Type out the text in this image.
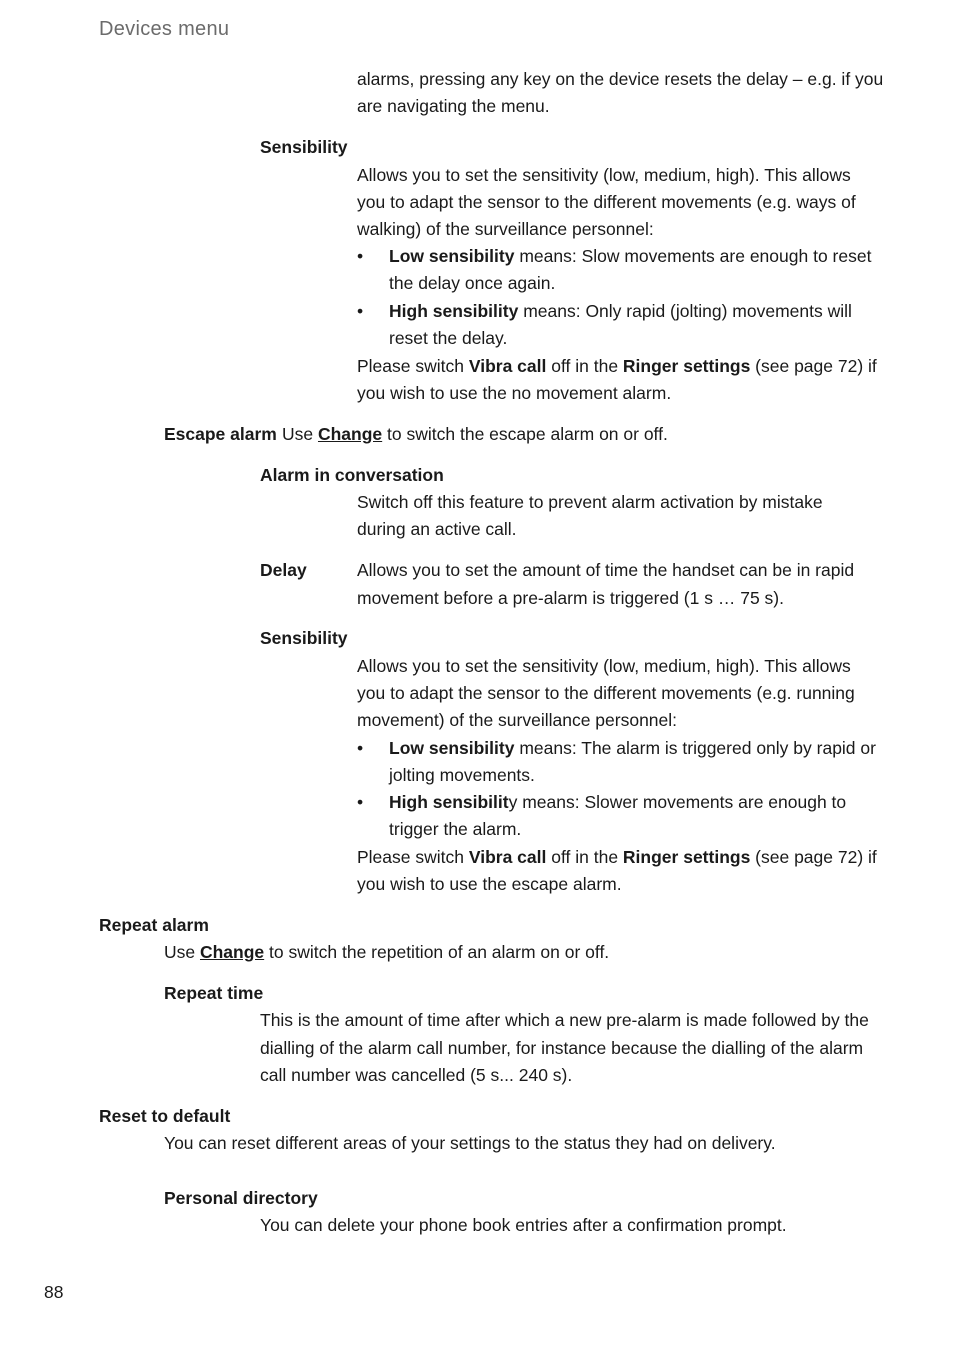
Devices menu
alarms, pressing any key on the device resets the delay – e.g. if you
are navigating the menu.
Sensibility
Allows you to set the sensitivity (low, medium, high). This allows
you to adapt the sensor to the different movements (e.g. ways of
walking) of the surveillance personnel:
• Low sensibility means: Slow movements are enough to reset
the delay once again.
• High sensibility means: Only rapid (jolting) movements will
reset the delay.
Please switch Vibra call off in the Ringer settings (see page 72) if
you wish to use the no movement alarm.
Escape alarm Use Change to switch the escape alarm on or off.
Alarm in conversation
Switch off this feature to prevent alarm activation by mistake
during an active call.
Delay	Allows you to set the amount of time the handset can be in rapid
movement before a pre-alarm is triggered (1 s … 75 s).
Sensibility
Allows you to set the sensitivity (low, medium, high). This allows
you to adapt the sensor to the different movements (e.g. running
movement) of the surveillance personnel:
• Low sensibility means: The alarm is triggered only by rapid or
jolting movements.
• High sensibility means: Slower movements are enough to
trigger the alarm.
Please switch Vibra call off in the Ringer settings (see page 72) if
you wish to use the escape alarm.
Repeat alarm
Use Change to switch the repetition of an alarm on or off.
Repeat time
This is the amount of time after which a new pre-alarm is made followed by the
dialling of the alarm call number, for instance because the dialling of the alarm
call number was cancelled (5 s... 240 s).
Reset to default
You can reset different areas of your settings to the status they had on delivery.
Personal directory
You can delete your phone book entries after a confirmation prompt.
88
